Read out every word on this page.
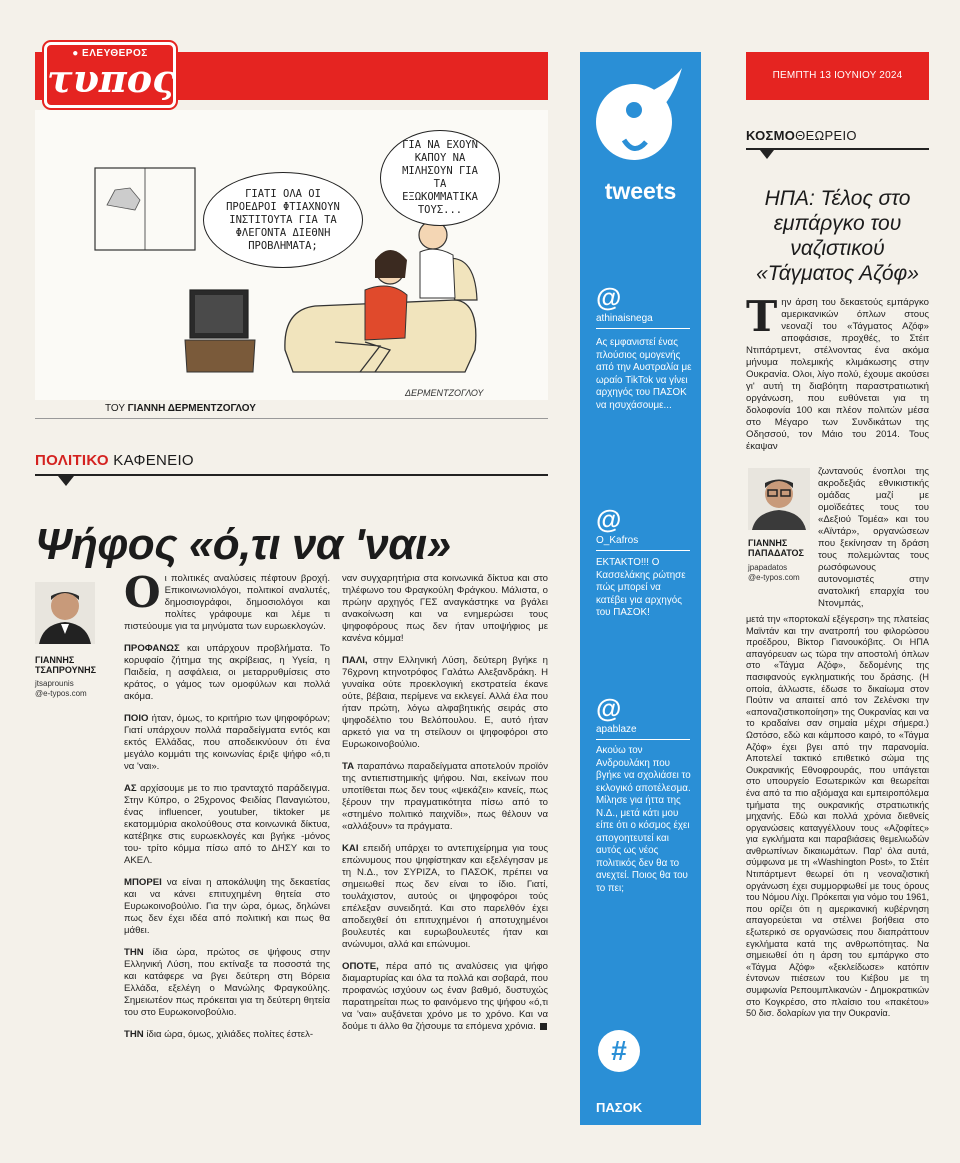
● ΕΛΕΥΘΕΡΟΣ
τυπος
ΓΙΑΤΙ ΟΛΑ ΟΙ ΠΡΟΕΔΡΟΙ ΦΤΙΑΧΝΟΥΝ ΙΝΣΤΙΤΟΥΤΑ ΓΙΑ ΤΑ ΦΛΕΓΟΝΤΑ ΔΙΕΘΝΗ ΠΡΟΒΛΗΜΑΤΑ;
ΓΙΑ ΝΑ ΕΧΟΥΝ ΚΑΠΟΥ ΝΑ ΜΙΛΗΣΟΥΝ ΓΙΑ ΤΑ ΕΞΩΚΟΜΜΑΤΙΚΑ ΤΟΥΣ...
ΔΕΡΜΕΝΤΖΟΓΛΟΥ
ΤΟΥ ΓΙΑΝΝΗ ΔΕΡΜΕΝΤΖΟΓΛΟΥ
ΠΟΛΙΤΙΚΟ ΚΑΦΕΝΕΙΟ
Ψήφος «ό,τι να 'ναι»
ΓΙΑΝΝΗΣ ΤΣΑΠΡΟΥΝΗΣ
jtsaprounis
@e-typos.com

Οι πολιτικές αναλύσεις πέφτουν βροχή. Επικοινωνιολόγοι, πολιτικοί αναλυτές, δημοσιογράφοι, δημοσιολόγοι και πολίτες γράφουμε και λέμε τι πιστεύουμε για τα μηνύματα των ευρωεκλογών.

ΠΡΟΦΑΝΩΣ και υπάρχουν προβλήματα. Το κορυφαίο ζήτημα της ακρίβειας, η Υγεία, η Παιδεία, η ασφάλεια, οι μεταρρυθμίσεις στο κράτος, ο γάμος των ομοφύλων και πολλά ακόμα.

ΠΟΙΟ ήταν, όμως, το κριτήριο των ψηφοφόρων; Γιατί υπάρχουν πολλά παραδείγματα εντός και εκτός Ελλάδας, που αποδεικνύουν ότι ένα μεγάλο κομμάτι της κοινωνίας έριξε ψήφο «ό,τι να 'ναι».

ΑΣ αρχίσουμε με το πιο τρανταχτό παράδειγμα. Στην Κύπρο, ο 25χρονος Φειδίας Παναγιώτου, ένας influencer, youtuber, tiktoker με εκατομμύρια ακολούθους στα κοινωνικά δίκτυα, κατέβηκε στις ευρωεκλογές και βγήκε -μόνος του- τρίτο κόμμα πίσω από το ΔΗΣΥ και το ΑΚΕΛ.

ΜΠΟΡΕΙ να είναι η αποκάλυψη της δεκαετίας και να κάνει επιτυχημένη θητεία στο Ευρωκοινοβούλιο. Για την ώρα, όμως, δηλώνει πως δεν έχει ιδέα από πολιτική και πως θα μάθει.

ΤΗΝ ίδια ώρα, πρώτος σε ψήφους στην Ελληνική Λύση, που εκτίναξε τα ποσοστά της και κατάφερε να βγει δεύτερη στη Βόρεια Ελλάδα, εξελέγη ο Μανώλης Φραγκούλης. Σημειωτέον πως πρόκειται για τη δεύτερη θητεία του στο Ευρωκοινοβούλιο.

ΤΗΝ ίδια ώρα, όμως, χιλιάδες πολίτες έστελ-

ναν συγχαρητήρια στα κοινωνικά δίκτυα και στο τηλέφωνο του Φραγκούλη Φράγκου. Μάλιστα, ο πρώην αρχηγός ΓΕΣ αναγκάστηκε να βγάλει ανακοίνωση και να ενημερώσει τους ψηφοφόρους πως δεν ήταν υποψήφιος με κανένα κόμμα!

ΠΑΛΙ, στην Ελληνική Λύση, δεύτερη βγήκε η 76χρονη κτηνοτρόφος Γαλάτω Αλεξανδράκη. Η γυναίκα ούτε προεκλογική εκστρατεία έκανε ούτε, βέβαια, περίμενε να εκλεγεί. Αλλά έλα που ήταν πρώτη, λόγω αλφαβητικής σειράς στο ψηφοδέλτιο του Βελόπουλου. Ε, αυτό ήταν αρκετό για να τη στείλουν οι ψηφοφόροι στο Ευρωκοινοβούλιο.

ΤΑ παραπάνω παραδείγματα αποτελούν προϊόν της αντιεπιστημικής ψήφου. Ναι, εκείνων που υποτίθεται πως δεν τους «ψεκάζει» κανείς, πως ξέρουν την πραγματικότητα πίσω από το «στημένο πολιτικό παιχνίδι», πως θέλουν να «αλλάξουν» τα πράγματα.

ΚΑΙ επειδή υπάρχει το αντεπιχείρημα για τους επώνυμους που ψηφίστηκαν και εξελέγησαν με τη Ν.Δ., τον ΣΥΡΙΖΑ, το ΠΑΣΟΚ, πρέπει να σημειωθεί πως δεν είναι το ίδιο. Γιατί, τουλάχιστον, αυτούς οι ψηφοφόροι τούς επέλεξαν συνειδητά. Και στο παρελθόν έχει αποδειχθεί ότι επιτυχημένοι ή αποτυχημένοι βουλευτές και ευρωβουλευτές ήταν και ανώνυμοι, αλλά και επώνυμοι.

ΟΠΟΤΕ, πέρα από τις αναλύσεις για ψήφο διαμαρτυρίας και όλα τα πολλά και σοβαρά, που προφανώς ισχύουν ως έναν βαθμό, δυστυχώς παρατηρείται πως το φαινόμενο της ψήφου «ό,τι να 'ναι» αυξάνεται χρόνο με το χρόνο. Και να δούμε τι άλλο θα ζήσουμε τα επόμενα χρόνια.

tweets
@
athinaisnega
Ας εμφανιστεί ένας πλούσιος ομογενής από την Αυστραλία με ωραίο TikTok να γίνει αρχηγός του ΠΑΣΟΚ να ησυχάσουμε...
@
O_Kafros
ΕΚΤΑΚΤΟ!!! Ο Κασσελάκης ρώτησε πώς μπορεί να κατέβει για αρχηγός του ΠΑΣΟΚ!
@
apablaze
Ακούω τον Ανδρουλάκη που βγήκε να σχολιάσει το εκλογικό αποτέλεσμα. Μίλησε για ήττα της Ν.Δ., μετά κάτι μου είπε ότι ο κόσμος έχει απογοητευτεί και αυτός ως νέος πολιτικός δεν θα το ανεχτεί. Ποιος θα του το πει;
#
ΠΑΣΟΚ
ΠΕΜΠΤΗ 13 ΙΟΥΝΙΟΥ 2024
ΚΟΣΜΟΘΕΩΡΕΙΟ
ΗΠΑ: Τέλος στο εμπάργκο του ναζιστικού «Τάγματος Αζόφ»

Την άρση του δεκαετούς εμπάργκο αμερικανικών όπλων στους νεοναζί του «Τάγματος Αζόφ» αποφάσισε, προχθές, το Στέιτ Ντιπάρτμεντ, στέλνοντας ένα ακόμα μήνυμα πολεμικής κλιμάκωσης στην Ουκρανία. Ολοι, λίγο πολύ, έχουμε ακούσει γι' αυτή τη διαβόητη παραστρατιωτική οργάνωση, που ευθύνεται για τη δολοφονία 100 και πλέον πολιτών μέσα στο Μέγαρο των Συνδικάτων της Οδησσού, τον Μάιο του 2014. Τους έκαψαν

ΓΙΑΝΝΗΣ ΠΑΠΑΔΑΤΟΣ
jpapadatos
@e-typos.com

ζωντανούς ένοπλοι της ακροδεξιάς εθνικιστικής ομάδας μαζί με ομοϊδεάτες τους του «Δεξιού Τομέα» και του «Αϊντάρ», οργανώσεων που ξεκίνησαν τη δράση τους πολεμώντας τους ρωσόφωνους αυτονομιστές στην ανατολική επαρχία του Ντονμπάς,

μετά την «πορτοκαλί εξέγερση» της πλατείας Μαϊντάν και την ανατροπή του φιλορώσου προέδρου, Βίκτορ Γιανουκόβιτς. Οι ΗΠΑ απαγόρευαν ως τώρα την αποστολή όπλων στο «Τάγμα Αζόφ», δεδομένης της πασιφανούς εγκληματικής του δράσης. (Η οποία, άλλωστε, έδωσε το δικαίωμα στον Πούτιν να απαιτεί από τον Ζελένσκι την «αποναζιστικοποίηση» της Ουκρανίας και να το κραδαίνει σαν σημαία μέχρι σήμερα.) Ωστόσο, εδώ και κάμποσο καιρό, το «Τάγμα Αζόφ» έχει βγει από την παρανομία. Αποτελεί τακτικό επιθετικό σώμα της Ουκρανικής Εθνοφρουράς, που υπάγεται στο υπουργείο Εσωτερικών και θεωρείται ένα από τα πιο αξιόμαχα και εμπειροπόλεμα τμήματα της ουκρανικής στρατιωτικής μηχανής. Εδώ και πολλά χρόνια διεθνείς οργανώσεις καταγγέλλουν τους «Αζοφίτες» για εγκλήματα και παραβιάσεις θεμελιωδών ανθρωπίνων δικαιωμάτων. Παρ' όλα αυτά, σύμφωνα με τη «Washington Post», το Στέιτ Ντιπάρτμεντ θεωρεί ότι η νεοναζιστική οργάνωση έχει συμμορφωθεί με τους όρους του Νόμου Λίχι. Πρόκειται για νόμο του 1961, που ορίζει ότι η αμερικανική κυβέρνηση απαγορεύεται να στέλνει βοήθεια στο εξωτερικό σε οργανώσεις που διαπράττουν εγκλήματα κατά της ανθρωπότητας. Να σημειωθεί ότι η άρση του εμπάργκο στο «Τάγμα Αζόφ» «ξεκλείδωσε» κατόπιν έντονων πιέσεων του Κιέβου με τη συμφωνία Ρεπουμπλικανών - Δημοκρατικών στο Κογκρέσο, στο πλαίσιο του «πακέτου» 50 δισ. δολαρίων για την Ουκρανία.
